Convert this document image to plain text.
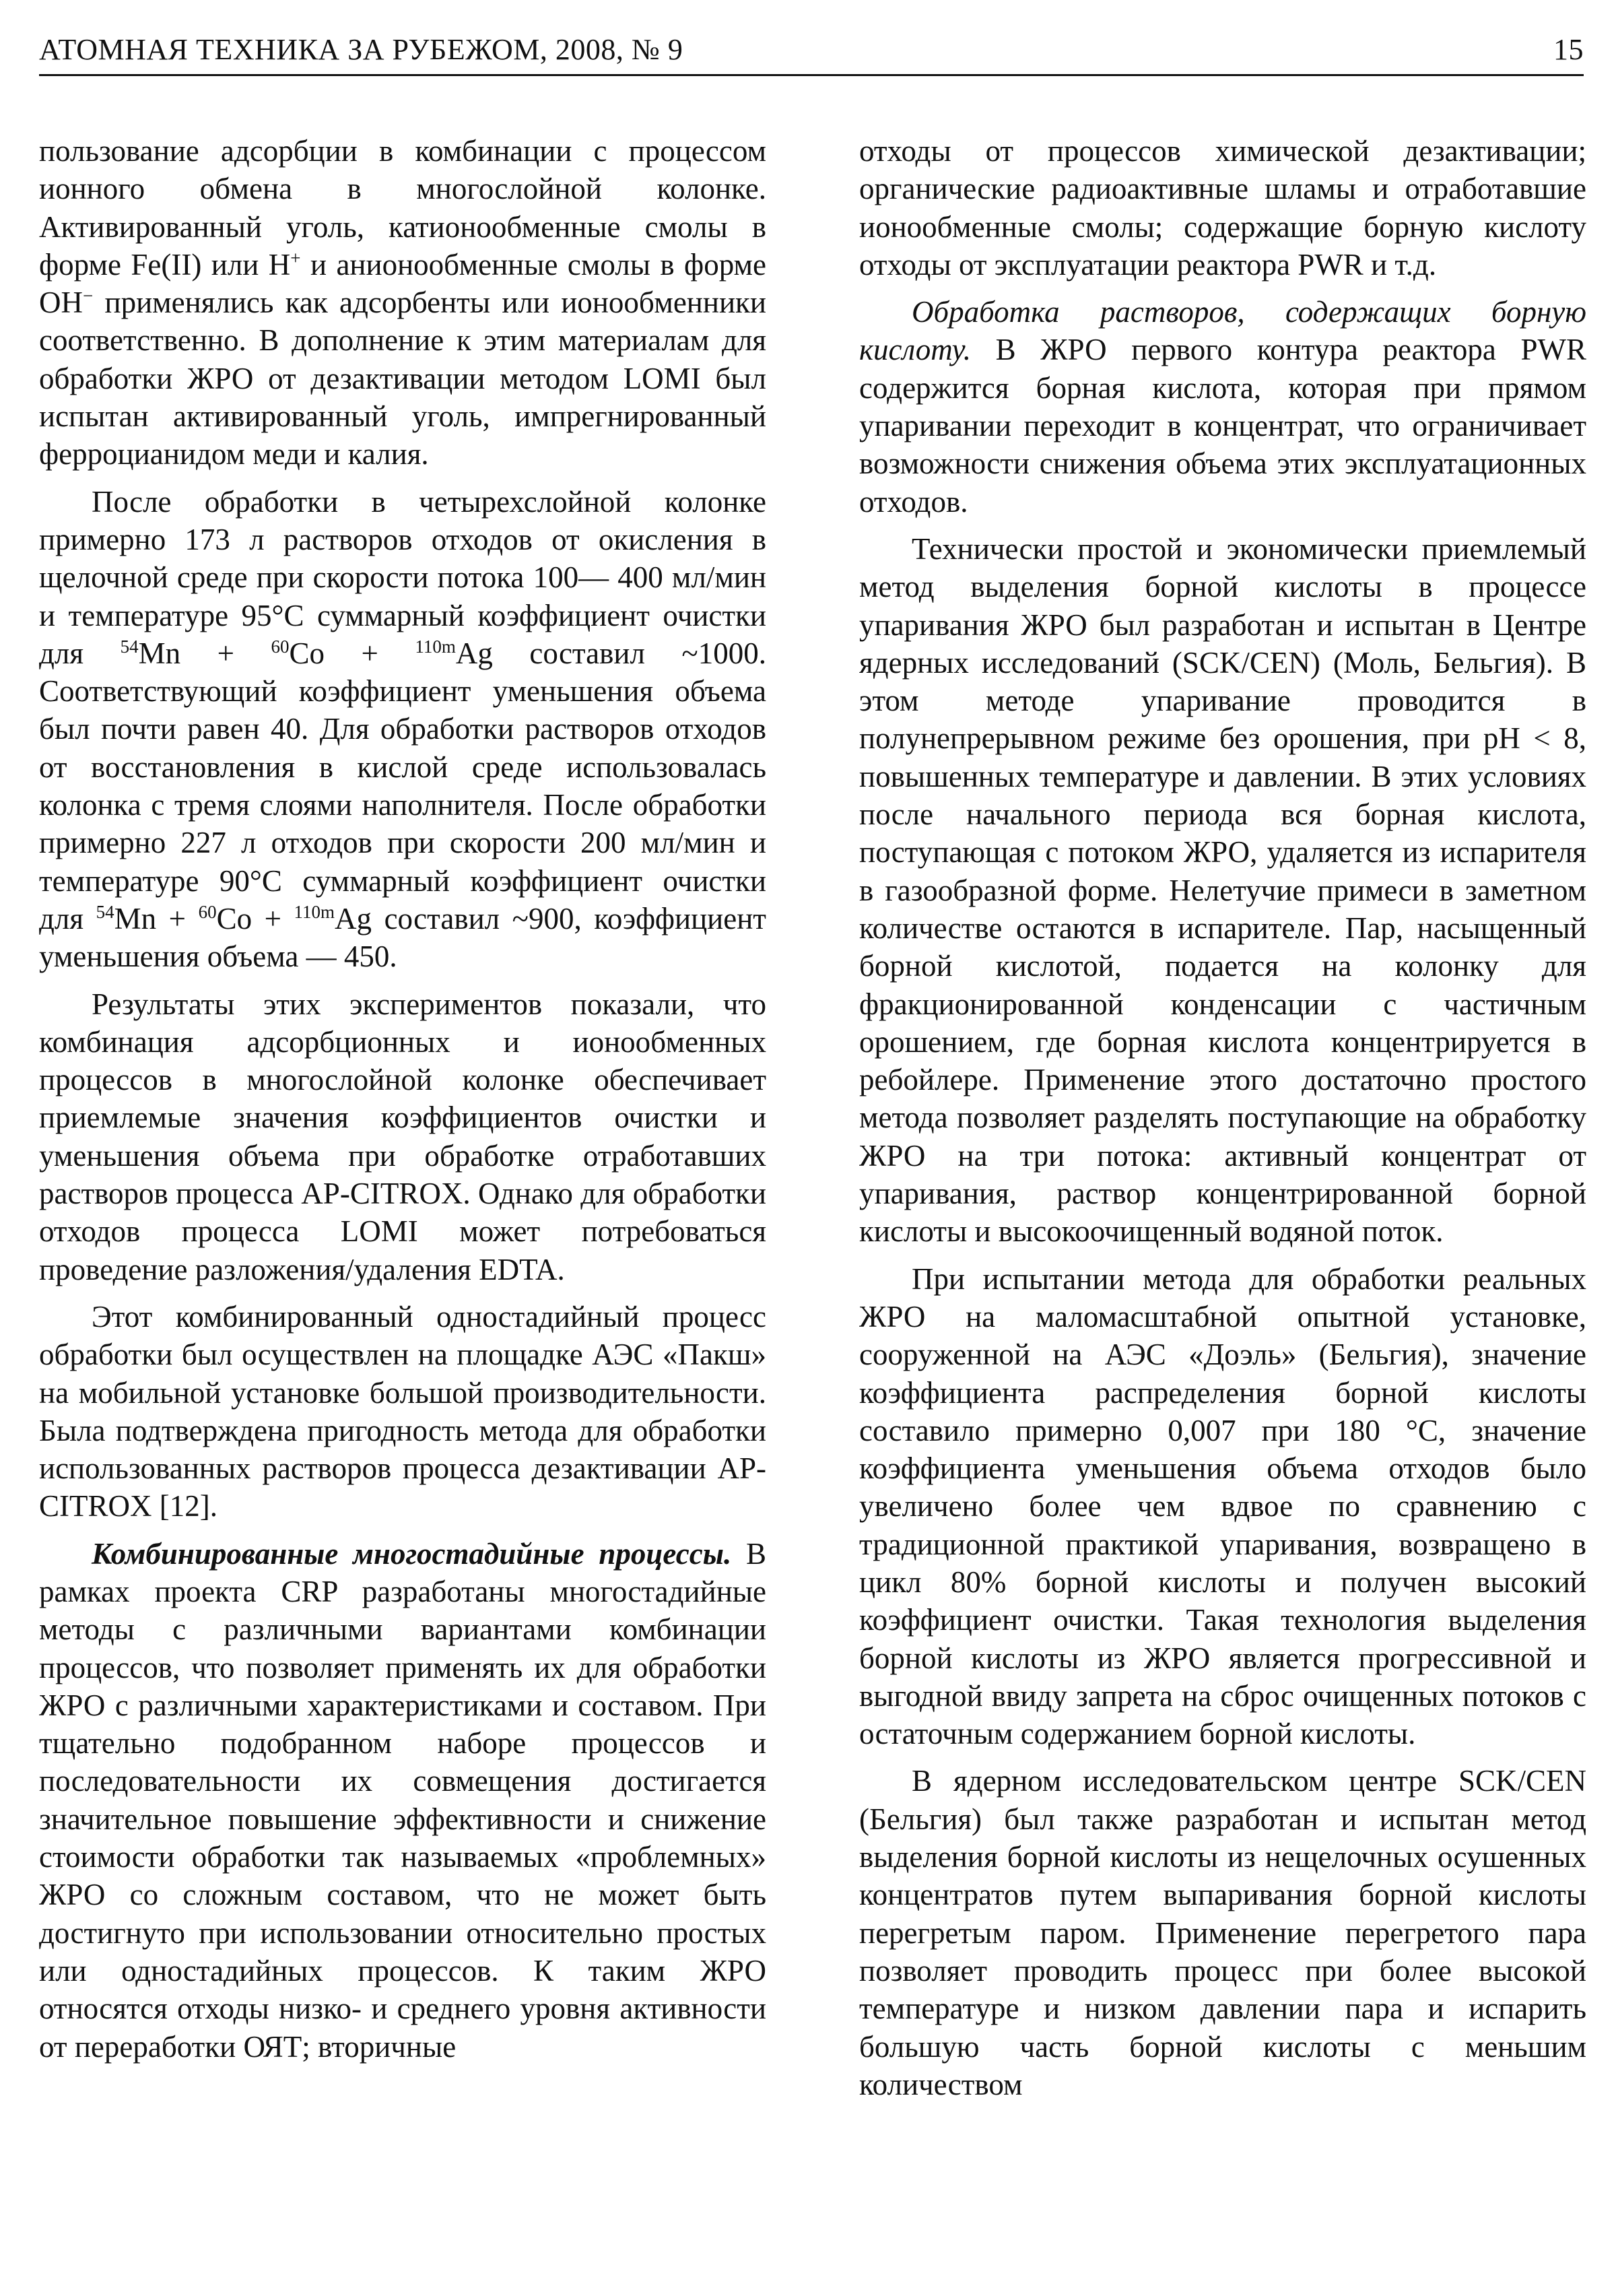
АТОМНАЯ ТЕХНИКА ЗА РУБЕЖОМ, 2008, № 9	15

пользование адсорбции в комбинации с процессом ионного обмена в многослойной колонке. Активированный уголь, катионообменные смолы в форме Fe(II) или H+ и анионообменные смолы в форме OH− применялись как адсорбенты или ионообменники соответственно. В дополнение к этим материалам для обработки ЖРО от дезактивации методом LOMI был испытан активированный уголь, импрегнированный ферроцианидом меди и калия.

После обработки в четырехслойной колонке примерно 173 л растворов отходов от окисления в щелочной среде при скорости потока 100— 400 мл/мин и температуре 95°С суммарный коэффициент очистки для $^{54}$Mn + $^{60}$Co + $^{110m}$Ag составил ~1000. Соответствующий коэффициент уменьшения объема был почти равен 40. Для обработки растворов отходов от восстановления в кислой среде использовалась колонка с тремя слоями наполнителя. После обработки примерно 227 л отходов при скорости 200 мл/мин и температуре 90°С суммарный коэффициент очистки для $^{54}$Mn + $^{60}$Co + $^{110m}$Ag составил ~900, коэффициент уменьшения объема — 450.

Результаты этих экспериментов показали, что комбинация адсорбционных и ионообменных процессов в многослойной колонке обеспечивает приемлемые значения коэффициентов очистки и уменьшения объема при обработке отработавших растворов процесса AP-CITROX. Однако для обработки отходов процесса LOMI может потребоваться проведение разложения/удаления EDTA.

Этот комбинированный одностадийный процесс обработки был осуществлен на площадке АЭС «Пакш» на мобильной установке большой производительности. Была подтверждена пригодность метода для обработки использованных растворов процесса дезактивации AP-CITROX [12].

Комбинированные многостадийные процессы. В рамках проекта CRP разработаны многостадийные методы с различными вариантами комбинации процессов, что позволяет применять их для обработки ЖРО с различными характеристиками и составом. При тщательно подобранном наборе процессов и последовательности их совмещения достигается значительное повышение эффективности и снижение стоимости обработки так называемых «проблемных» ЖРО со сложным составом, что не может быть достигнуто при использовании относительно простых или одностадийных процессов. К таким ЖРО относятся отходы низко- и среднего уровня активности от переработки ОЯТ; вторичные

отходы от процессов химической дезактивации; органические радиоактивные шламы и отработавшие ионообменные смолы; содержащие борную кислоту отходы от эксплуатации реактора PWR и т.д.

Обработка растворов, содержащих борную кислоту. В ЖРО первого контура реактора PWR содержится борная кислота, которая при прямом упаривании переходит в концентрат, что ограничивает возможности снижения объема этих эксплуатационных отходов.

Технически простой и экономически приемлемый метод выделения борной кислоты в процессе упаривания ЖРО был разработан и испытан в Центре ядерных исследований (SCK/CEN) (Моль, Бельгия). В этом методе упаривание проводится в полунепрерывном режиме без орошения, при pH < 8, повышенных температуре и давлении. В этих условиях после начального периода вся борная кислота, поступающая с потоком ЖРО, удаляется из испарителя в газообразной форме. Нелетучие примеси в заметном количестве остаются в испарителе. Пар, насыщенный борной кислотой, подается на колонку для фракционированной конденсации с частичным орошением, где борная кислота концентрируется в ребойлере. Применение этого достаточно простого метода позволяет разделять поступающие на обработку ЖРО на три потока: активный концентрат от упаривания, раствор концентрированной борной кислоты и высокоочищенный водяной поток.

При испытании метода для обработки реальных ЖРО на маломасштабной опытной установке, сооруженной на АЭС «Доэль» (Бельгия), значение коэффициента распределения борной кислоты составило примерно 0,007 при 180 °С, значение коэффициента уменьшения объема отходов было увеличено более чем вдвое по сравнению с традиционной практикой упаривания, возвращено в цикл 80% борной кислоты и получен высокий коэффициент очистки. Такая технология выделения борной кислоты из ЖРО является прогрессивной и выгодной ввиду запрета на сброс очищенных потоков с остаточным содержанием борной кислоты.

В ядерном исследовательском центре SCK/CEN (Бельгия) был также разработан и испытан метод выделения борной кислоты из нещелочных осушенных концентратов путем выпаривания борной кислоты перегретым паром. Применение перегретого пара позволяет проводить процесс при более высокой температуре и низком давлении пара и испарить большую часть борной кислоты с меньшим количеством
